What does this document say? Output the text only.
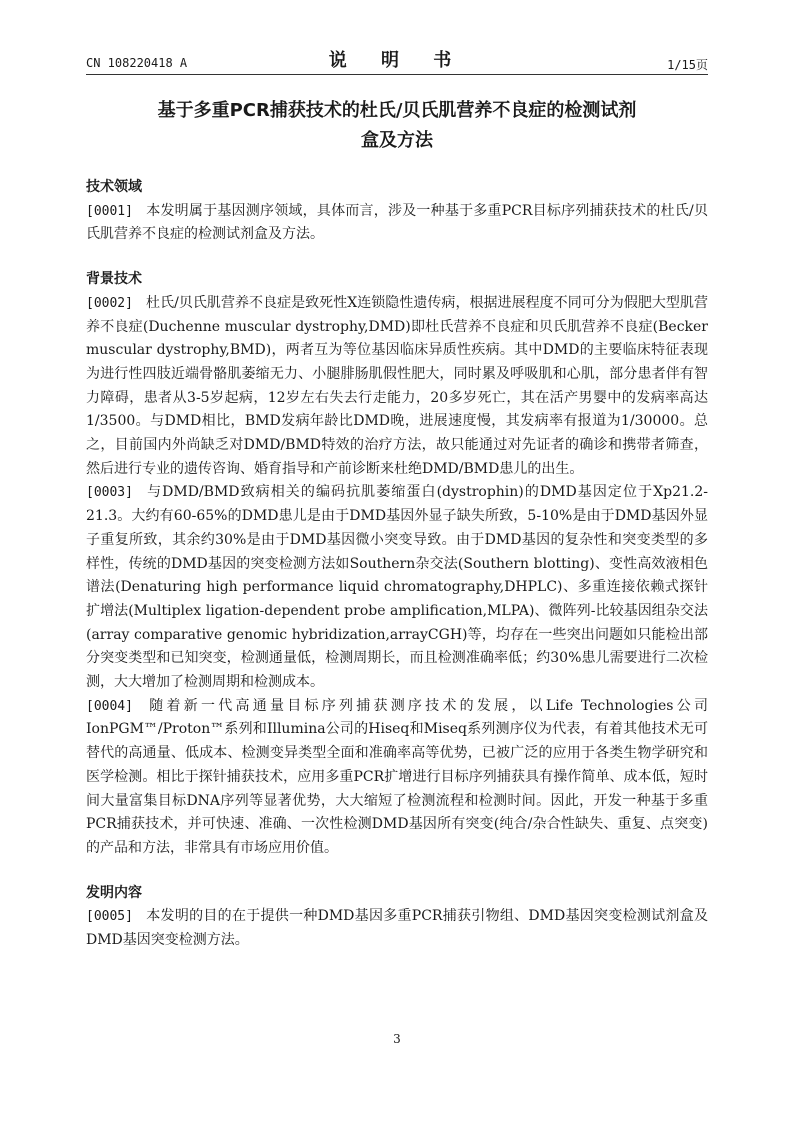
CN 108220418 A	说 明 书	1/15页
基于多重PCR捕获技术的杜氏/贝氏肌营养不良症的检测试剂
盒及方法

技术领域

[0001] 本发明属于基因测序领域，具体而言，涉及一种基于多重PCR目标序列捕获技术的杜氏/贝氏肌营养不良症的检测试剂盒及方法。

背景技术

[0002] 杜氏/贝氏肌营养不良症是致死性X连锁隐性遗传病，根据进展程度不同可分为假肥大型肌营养不良症(Duchenne muscular dystrophy,DMD)即杜氏营养不良症和贝氏肌营养不良症(Becker muscular dystrophy,BMD)，两者互为等位基因临床异质性疾病。其中DMD的主要临床特征表现为进行性四肢近端骨骼肌萎缩无力、小腿腓肠肌假性肥大，同时累及呼吸肌和心肌，部分患者伴有智力障碍，患者从3-5岁起病，12岁左右失去行走能力，20多岁死亡，其在活产男婴中的发病率高达1/3500。与DMD相比，BMD发病年龄比DMD晚，进展速度慢，其发病率有报道为1/30000。总之，目前国内外尚缺乏对DMD/BMD特效的治疗方法，故只能通过对先证者的确诊和携带者筛查，然后进行专业的遗传咨询、婚育指导和产前诊断来杜绝DMD/BMD患儿的出生。

[0003] 与DMD/BMD致病相关的编码抗肌萎缩蛋白(dystrophin)的DMD基因定位于Xp21.2-21.3。大约有60-65%的DMD患儿是由于DMD基因外显子缺失所致，5-10%是由于DMD基因外显子重复所致，其余约30%是由于DMD基因微小突变导致。由于DMD基因的复杂性和突变类型的多样性，传统的DMD基因的突变检测方法如Southern杂交法(Southern blotting)、变性高效液相色谱法(Denaturing high performance liquid chromatography,DHPLC)、多重连接依赖式探针扩增法(Multiplex ligation-dependent probe amplification,MLPA)、微阵列-比较基因组杂交法(array comparative genomic hybridization,arrayCGH)等，均存在一些突出问题如只能检出部分突变类型和已知突变，检测通量低，检测周期长，而且检测准确率低；约30%患儿需要进行二次检测，大大增加了检测周期和检测成本。

[0004] 随着新一代高通量目标序列捕获测序技术的发展，以Life Technologies公司IonPGM™/Proton™系列和Illumina公司的Hiseq和Miseq系列测序仪为代表，有着其他技术无可替代的高通量、低成本、检测变异类型全面和准确率高等优势，已被广泛的应用于各类生物学研究和医学检测。相比于探针捕获技术，应用多重PCR扩增进行目标序列捕获具有操作简单、成本低，短时间大量富集目标DNA序列等显著优势，大大缩短了检测流程和检测时间。因此，开发一种基于多重PCR捕获技术，并可快速、准确、一次性检测DMD基因所有突变(纯合/杂合性缺失、重复、点突变)的产品和方法，非常具有市场应用价值。

发明内容

[0005] 本发明的目的在于提供一种DMD基因多重PCR捕获引物组、DMD基因突变检测试剂盒及DMD基因突变检测方法。

3
